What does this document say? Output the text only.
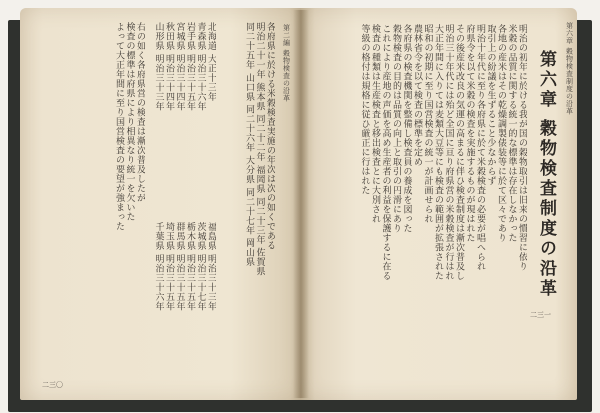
第六章 穀物検査制度の沿革
第六章 穀物検査制度の沿革
明治の初年に於ける我が国の穀物取引は旧来の慣習に依り
米穀の品質に関する統一的な標準は存在しなかった
各地の産米はその乾燥調製俵装等に於て区々であり
取引上の紛議を生ずること少なからず
明治十年代に至り各府県に於て米穀検査の必要が唱へられ
府県令を以て米穀の検査を実施するものが現はれた
その後産米改良の気運の高まるに伴ひ検査制度は漸次普及し
明治三十年代には殆ど全国に亘り府県営の米穀検査が行はれ
大正年間に入りては麦類大豆等にも検査の範囲が拡張された
昭和の初期に至り国営検査の統一が計画せられ
農林省令を以て検査の標準を定め
各府県の検査機関を整備し検査員の養成を図った
穀物検査の目的は品質の向上と取引の円滑にあり
これにより産地の声価を高め生産者の利益を保護するに在る
検査の種類は生産検査と移出検査とに大別され
等級の格付は規格に従ひ厳正に行はれた
二三一
第二編 穀物検査の沿革
各府県に於ける米穀検査実施の年次は次の如くである
明治二十一年 熊本県 同二十二年 福岡県 同二十三年 佐賀県
同二十五年 山口県 同二十六年 大分県 同二十七年 岡山県
北海道 大正十三年
青森県 明治三十六年
岩手県 明治三十五年
宮城県 明治三十四年
秋田県 明治三十四年
山形県 明治三十三年
福島県 明治三十三年
茨城県 明治三十七年
栃木県 明治三十五年
群馬県 明治三十五年
埼玉県 明治三十五年
千葉県 明治三十六年
右の如く各府県営の検査は漸次普及したが
検査の標準は府県により相異なり統一を欠いた
よって大正年間に至り国営検査の要望が強まった
二三〇
